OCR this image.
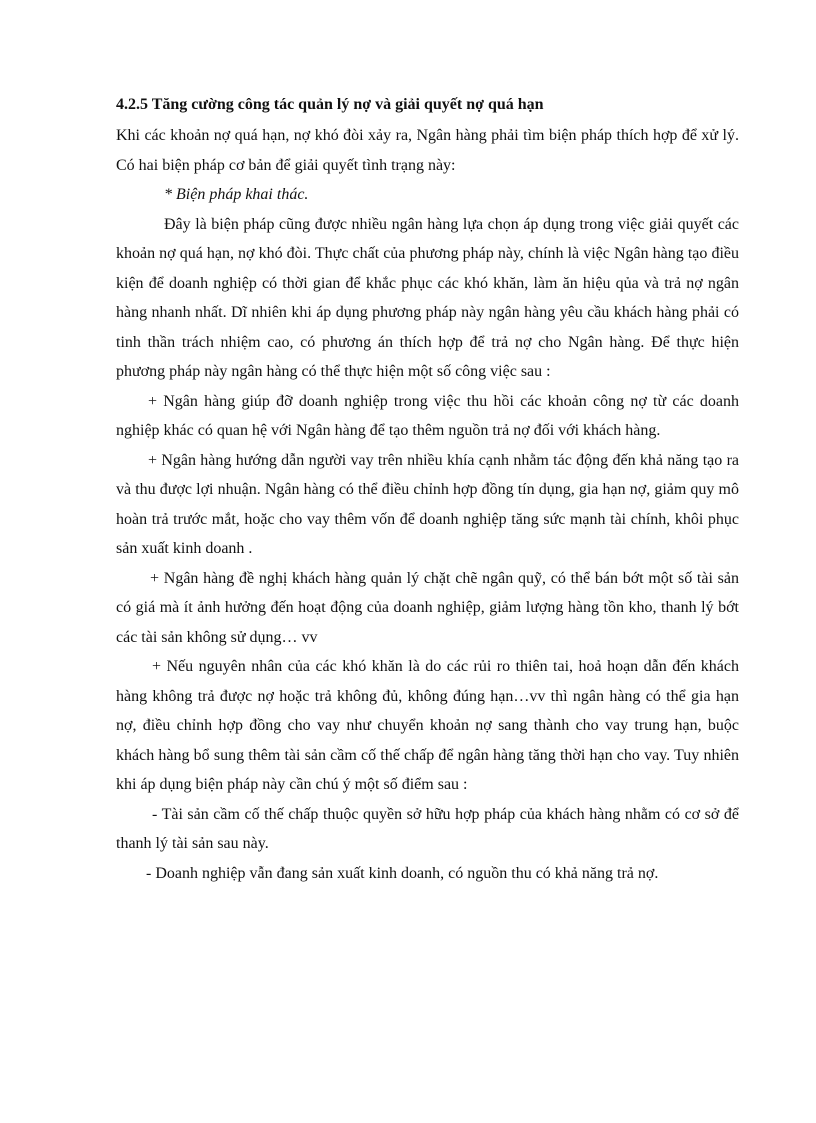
4.2.5 Tăng cường công tác quản lý nợ và giải quyết nợ quá hạn

Khi các khoản nợ quá hạn, nợ khó đòi xảy ra, Ngân hàng phải tìm biện pháp thích hợp để xử lý. Có hai biện pháp cơ bản để giải quyết tình trạng này:

* Biện pháp khai thác.

Đây là biện pháp cũng được nhiều ngân hàng lựa chọn áp dụng trong việc giải quyết các khoản nợ quá hạn, nợ khó đòi. Thực chất của phương pháp này, chính là việc Ngân hàng tạo điều kiện để doanh nghiệp có thời gian để khắc phục các khó khăn, làm ăn hiệu qủa và trả nợ ngân hàng nhanh nhất. Dĩ nhiên khi áp dụng phương pháp này ngân hàng yêu cầu khách hàng phải có tinh thần trách nhiệm cao, có phương án thích hợp để trả nợ cho Ngân hàng. Để thực hiện phương pháp này ngân hàng có thể thực hiện một số công việc sau :

+ Ngân hàng giúp đỡ doanh nghiệp trong việc thu hồi các khoản công nợ từ các doanh nghiệp khác có quan hệ với Ngân hàng để tạo thêm nguồn trả nợ đối với khách hàng.

+ Ngân hàng hướng dẫn người vay trên nhiều khía cạnh nhằm tác động đến khả năng tạo ra và thu được lợi nhuận. Ngân hàng có thể điều chỉnh hợp đồng tín dụng, gia hạn nợ, giảm quy mô hoàn trả trước mắt, hoặc cho vay thêm vốn để doanh nghiệp tăng sức mạnh tài chính, khôi phục sản xuất kinh doanh .

+ Ngân hàng đề nghị khách hàng quản lý chặt chẽ ngân quỹ, có thể bán bớt một số tài sản có giá mà ít ảnh hưởng đến hoạt động của doanh nghiệp, giảm lượng hàng tồn kho, thanh lý bớt các tài sản không sử dụng… vv

+ Nếu nguyên nhân của các khó khăn là do các rủi ro thiên tai, hoả hoạn dẫn đến khách hàng không trả được nợ hoặc trả không đủ, không đúng hạn…vv thì ngân hàng có thể gia hạn nợ, điều chỉnh hợp đồng cho vay như chuyển khoản nợ sang thành cho vay trung hạn, buộc khách hàng bổ sung thêm tài sản cầm cố thế chấp để ngân hàng tăng thời hạn cho vay. Tuy nhiên khi áp dụng biện pháp này cần chú ý một số điểm sau :

- Tài sản cầm cố thế chấp thuộc quyền sở hữu hợp pháp của khách hàng nhằm có cơ sở để thanh lý tài sản sau này.

- Doanh nghiệp vẫn đang sản xuất kinh doanh, có nguồn thu có khả năng trả nợ.
